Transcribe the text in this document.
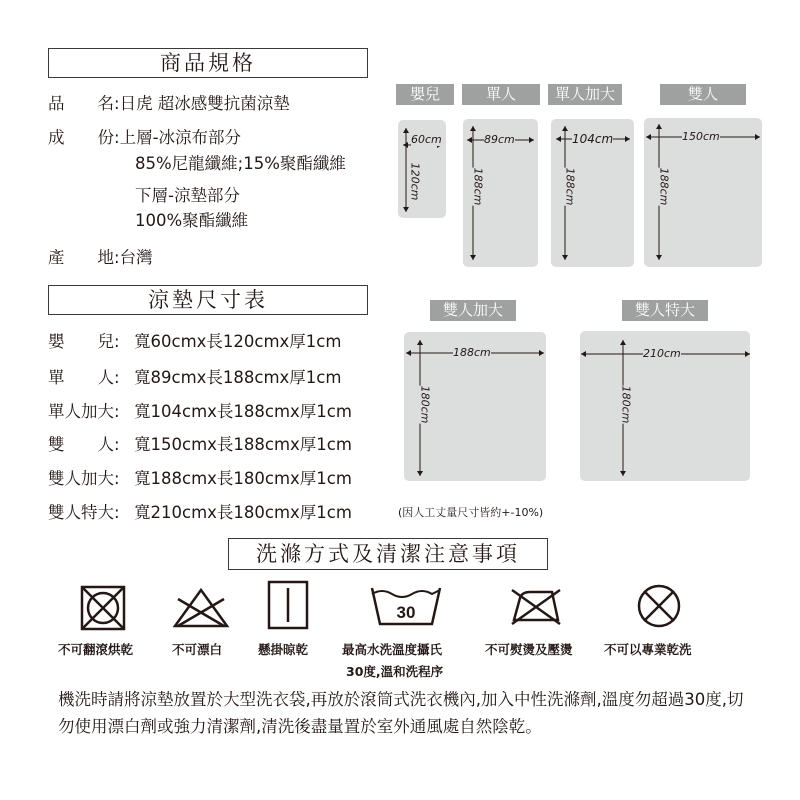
商品規格
品　　名:日虎 超冰感雙抗菌涼墊
成　　份:上層-冰涼布部分
85%尼龍纖維;15%聚酯纖維
下層-涼墊部分
100%聚酯纖維
產　　地:台灣
涼墊尺寸表
嬰　　兒: 寬60cmx長120cmx厚1cm
單　　人: 寬89cmx長188cmx厚1cm
單人加大: 寬104cmx長188cmx厚1cm
雙　　人: 寬150cmx長188cmx厚1cm
雙人加大: 寬188cmx長180cmx厚1cm
雙人特大: 寬210cmx長180cmx厚1cm	(因人工丈量尺寸皆約+-10%)
嬰兒
60cm
120cm
單人
89cm
188cm
單人加大
104cm
188cm
雙人
150cm
188cm
雙人加大
188cm
180cm
雙人特大
210cm
180cm
洗滌方式及清潔注意事項
30
不可翻滾烘乾	不可漂白	懸掛晾乾	最高水洗溫度攝氏
30度,溫和洗程序
不可熨燙及壓燙	不可以專業乾洗
機洗時請將涼墊放置於大型洗衣袋,再放於滾筒式洗衣機內,加入中性洗滌劑,溫度勿超過30度,切勿使用漂白劑或強力清潔劑,清洗後盡量置於室外通風處自然陰乾。
